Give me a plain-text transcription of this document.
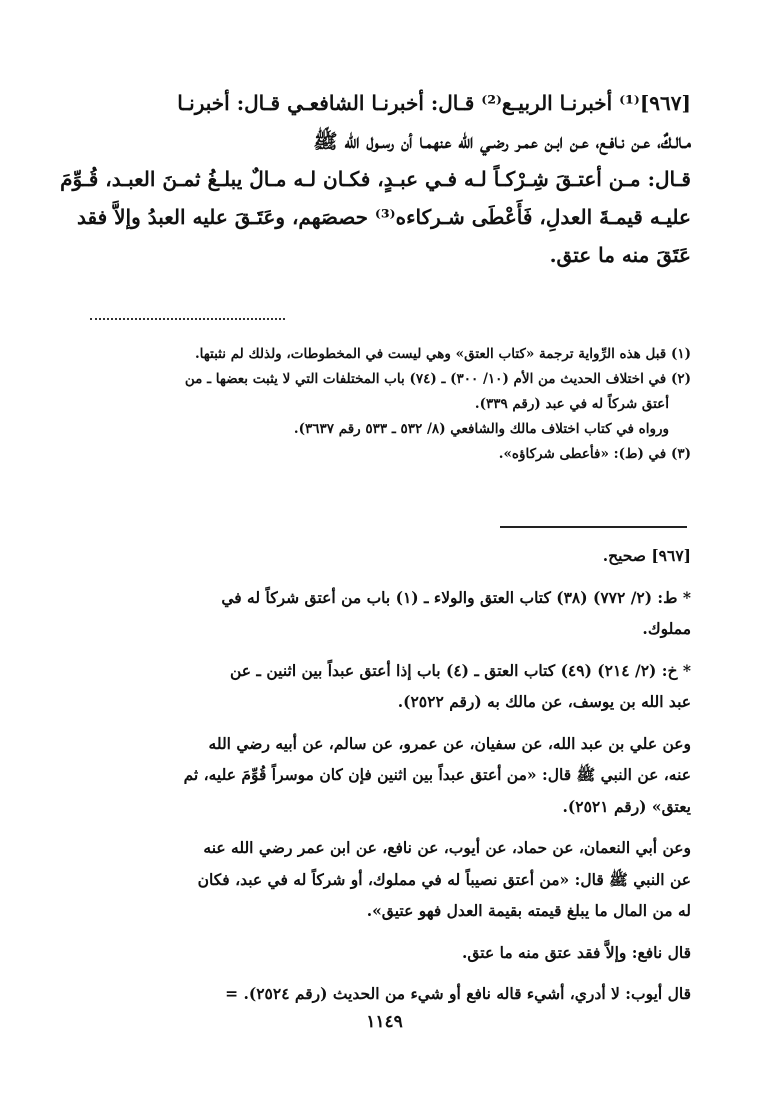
[٩٦٧]⁽¹⁾ أخبرنـا الربيـع⁽²⁾ قـال: أخبرنـا الشافعـي قـال: أخبرنـا
مـالـكٌ، عـن نـافـع، عـن ابـن عمـر رضـي الله عنهمـا أن رسـول الله ﷺ
قـال: مـن أعتـقَ شِـرْكـاً لـه فـي عبـدٍ، فكـان لـه مـالٌ يبلـغُ ثمـنَ العبـد، قُـوِّمَ
عليـه قيمـةَ العدلِ، فَأَعْطَى شـركاءه⁽³⁾ حصصَهم، وعَتَـقَ عليه العبدُ وإلاَّ فقد
عَتَقَ منه ما عتق.
(١) قبل هذه الرِّواية ترجمة «كتاب العتق» وهي ليست في المخطوطات، ولذلك لم نثبتها.
(٢) في اختلاف الحديث من الأم (١٠/ ٣٠٠) ـ (٧٤) باب المختلفات التي لا يثبت بعضها ـ من
أعتق شركاً له في عبد (رقم ٣٣٩).
ورواه في كتاب اختلاف مالك والشافعي (٨/ ٥٣٢ ـ ٥٣٣ رقم ٣٦٣٧).
(٣) في (ط): «فأعطى شركاؤه».
[٩٦٧] صحيح.
* ط: (٢/ ٧٧٢) (٣٨) كتاب العتق والولاء ـ (١) باب من أعتق شركاً له في
مملوك.
* خ: (٢/ ٢١٤) (٤٩) كتاب العتق ـ (٤) باب إذا أعتق عبداً بين اثنين ـ عن
عبد الله بن يوسف، عن مالك به (رقم ٢٥٢٢).
وعن علي بن عبد الله، عن سفيان، عن عمرو، عن سالم، عن أبيه رضي الله
عنه، عن النبي ﷺ قال: «من أعتق عبداً بين اثنين فإن كان موسراً قُوِّمَ عليه، ثم
يعتق» (رقم ٢٥٢١).
وعن أبي النعمان، عن حماد، عن أيوب، عن نافع، عن ابن عمر رضي الله عنه
عن النبي ﷺ قال: «من أعتق نصيباً له في مملوك، أو شركاً له في عبد، فكان
له من المال ما يبلغ قيمته بقيمة العدل فهو عتيق».
قال نافع: وإلاَّ فقد عتق منه ما عتق.
قال أيوب: لا أدري، أشيء قاله نافع أو شيء من الحديث (رقم ٢٥٢٤). =
١١٤٩
